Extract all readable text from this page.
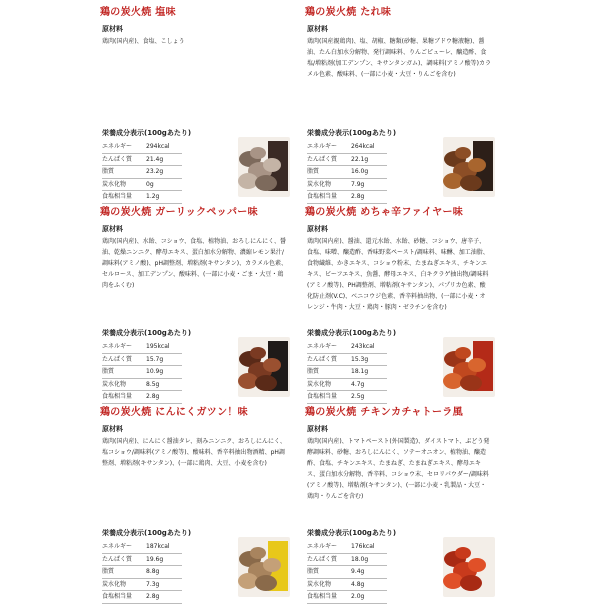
鶏の炭火焼 塩味
原材料
鶏肉(国内産)、食塩、こしょう
栄養成分表示(100gあたり)
エネルギー	294kcal
たんぱく質	21.4g
脂質	23.2g
炭水化物	0g
食塩相当量	1.2g
鶏の炭火焼 たれ味
原材料
鶏肉(国産親鶏肉)、塩、胡椒、糖類(砂糖、果糖ブドウ糖液糖)、醤油、たん白加水分解物、発行調味料、りんごピューレ、醸造酢、食塩/増粘剤(加工デンプン、キサンタンガム)、調味料(アミノ酸等)カラメル色素、酸味料、(一部に小麦・大豆・りんごを含む)
栄養成分表示(100gあたり)
エネルギー	264kcal
たんぱく質	22.1g
脂質	16.0g
炭水化物	7.9g
食塩相当量	2.8g
鶏の炭火焼 ガーリックペッパー味
原材料
鶏肉(国内産)、水飴、コショウ、食塩、植物油、おろしにんにく、醤油、乾燥ニンニク、酵母エキス、蛋白加水分解物、濃縮レモン果汁/調味料(アミノ酸)、pH調整剤、増粘剤(キサンタン)、カラメル色素、セルロース、加工デンプン、酸味料、(一部に小麦・ごま・大豆・鶏肉をふくむ)
栄養成分表示(100gあたり)
エネルギー	195kcal
たんぱく質	15.7g
脂質	10.9g
炭水化物	8.5g
食塩相当量	2.8g
鶏の炭火焼 めちゃ辛ファイヤー味
原材料
鶏肉(国内産)、醤油、還元水飴、水飴、砂糖、コショウ、唐辛子、食塩、味噌、醸造酢、香味野菜ペースト/調味料、味醂、加工油脂、食物繊維、かきエキス、コショウ粉末、たまねぎエキス、チキンエキス、ビーフエキス、魚醤、酵母エキス、白キクラゲ抽出物/調味料(アミノ酸等)、PH調整剤、増粘剤(キサンタン)、パプリカ色素、酸化防止剤(V.C)、ベニコウジ色素、香辛料抽出物、(一部に小麦・オレンジ・牛肉・大豆・鶏肉・豚肉・ゼラチンを含む)
栄養成分表示(100gあたり)
エネルギー	243kcal
たんぱく質	15.3g
脂質	18.1g
炭水化物	4.7g
食塩相当量	2.5g
鶏の炭火焼 にんにくガツン！味
原材料
鶏肉(国内産)、にんにく醤油タレ、刻みニンニク、おろしにんにく、塩コショウ/調味料(アミノ酸等)、酸味料、香辛料抽出物酒精、pH調整剤、増粘剤(キサンタン)、(一部に鶏肉、大豆、小麦を含む)
栄養成分表示(100gあたり)
エネルギー	187kcal
たんぱく質	19.6g
脂質	8.8g
炭水化物	7.3g
食塩相当量	2.8g
鶏の炭火焼 チキンカチャトーラ風
原材料
鶏肉(国内産)、トマトペースト(外国製造)、ダイストマト、ぶどう発酵調味料、砂糖、おろしにんにく、ソテーオニオン、植物油、醸造酢、食塩、チキンエキス、たまねぎ、たまねぎエキス、酵母エキス、蛋白加水分解物、香辛料、コショウ末、セロリパウダー/調味料(アミノ酸等)、増粘剤(キサンタン)、(一部に小麦・乳製品・大豆・鶏肉・りんごを含む)
栄養成分表示(100gあたり)
エネルギー	176kcal
たんぱく質	18.0g
脂質	9.4g
炭水化物	4.8g
食塩相当量	2.0g
